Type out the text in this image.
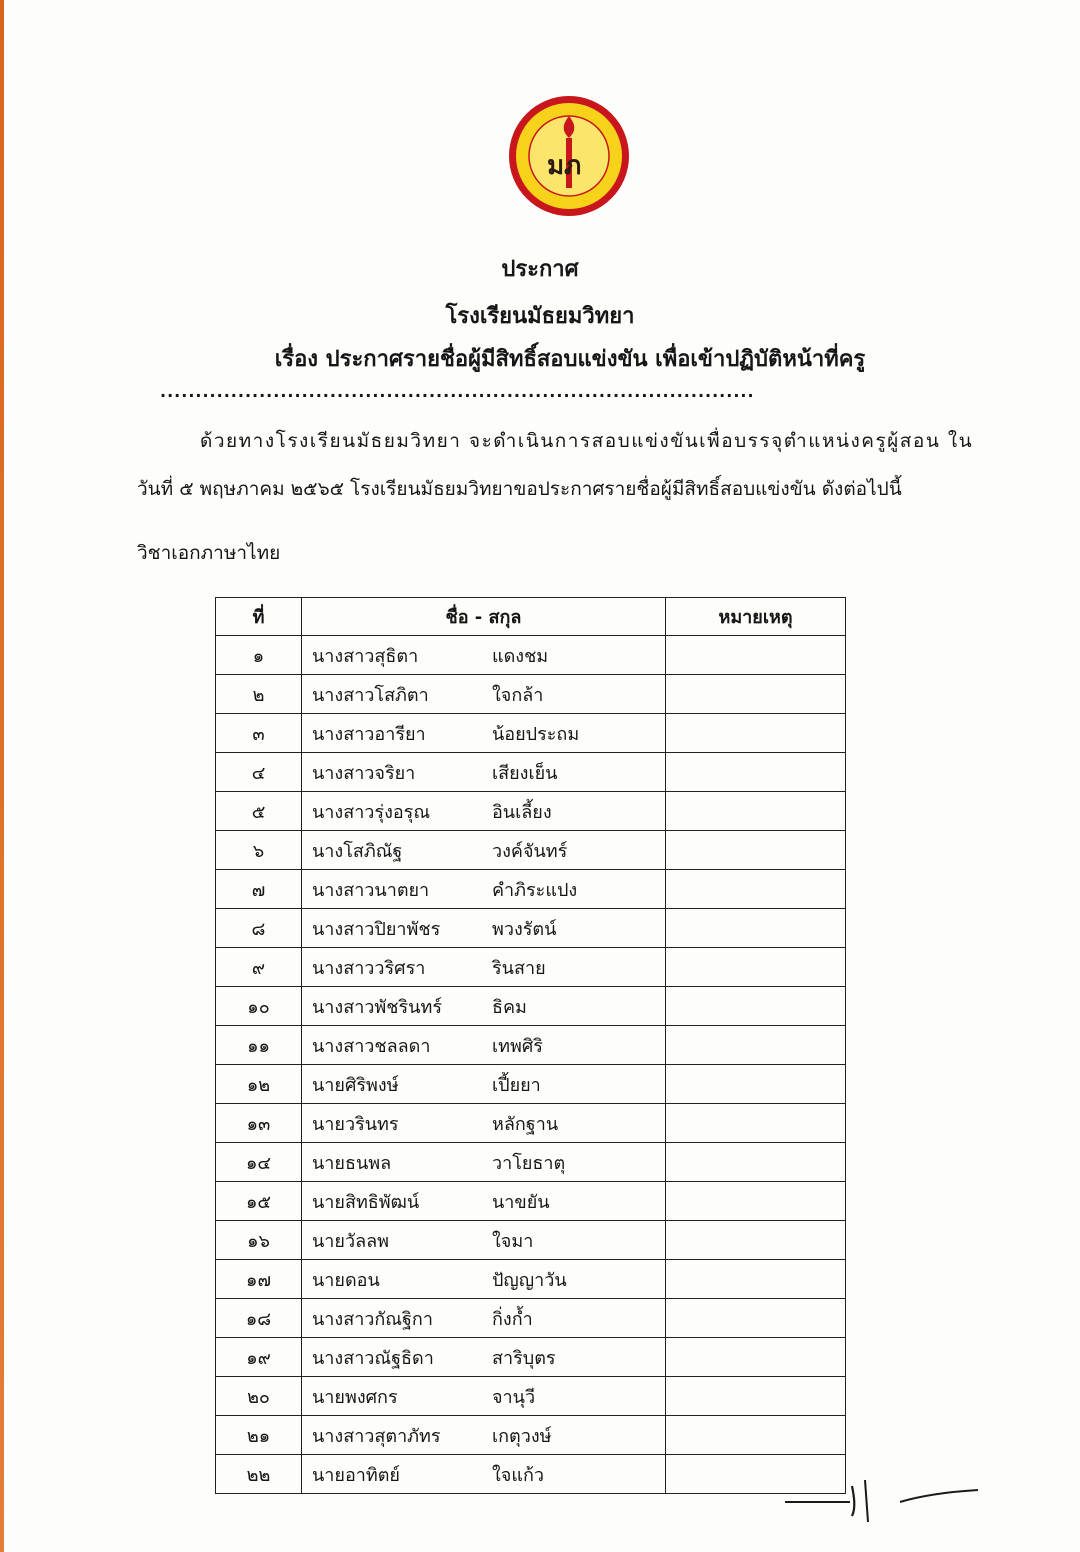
มภ
ประกาศ
โรงเรียนมัธยมวิทยา
เรื่อง ประกาศรายชื่อผู้มีสิทธิ์สอบแข่งขัน เพื่อเข้าปฏิบัติหน้าที่ครู
....................................................................................
ด้วยทางโรงเรียนมัธยมวิทยา จะดำเนินการสอบแข่งขันเพื่อบรรจุตำแหน่งครูผู้สอน ใน
วันที่ ๕ พฤษภาคม ๒๕๖๕ โรงเรียนมัธยมวิทยาขอประกาศรายชื่อผู้มีสิทธิ์สอบแข่งขัน ดังต่อไปนี้
วิชาเอกภาษาไทย
ที่	ชื่อ - สกุล	หมายเหตุ
๑	นางสาวสุธิตา แดงชม	
๒	นางสาวโสภิตา ใจกล้า	
๓	นางสาวอารียา น้อยประถม	
๔	นางสาวจริยา เสียงเย็น	
๕	นางสาวรุ่งอรุณ อินเลี้ยง	
๖	นางโสภิณัฐ วงค์จันทร์	
๗	นางสาวนาตยา คำภิระแปง	
๘	นางสาวปิยาพัชร พวงรัตน์	
๙	นางสาววริศรา รินสาย	
๑๐	นางสาวพัชรินทร์ ธิคม	
๑๑	นางสาวชลลดา เทพศิริ	
๑๒	นายศิริพงษ์ เปี้ยยา	
๑๓	นายวรินทร หลักฐาน	
๑๔	นายธนพล วาโยธาตุ	
๑๕	นายสิทธิพัฒน์ นาขยัน	
๑๖	นายวัลลพ ใจมา	
๑๗	นายดอน ปัญญาวัน	
๑๘	นางสาวกัณฐิกา กิ่งก้ำ	
๑๙	นางสาวณัฐธิดา สาริบุตร	
๒๐	นายพงศกร จานุวี	
๒๑	นางสาวสุตาภัทร เกตุวงษ์	
๒๒	นายอาทิตย์ ใจแก้ว	
